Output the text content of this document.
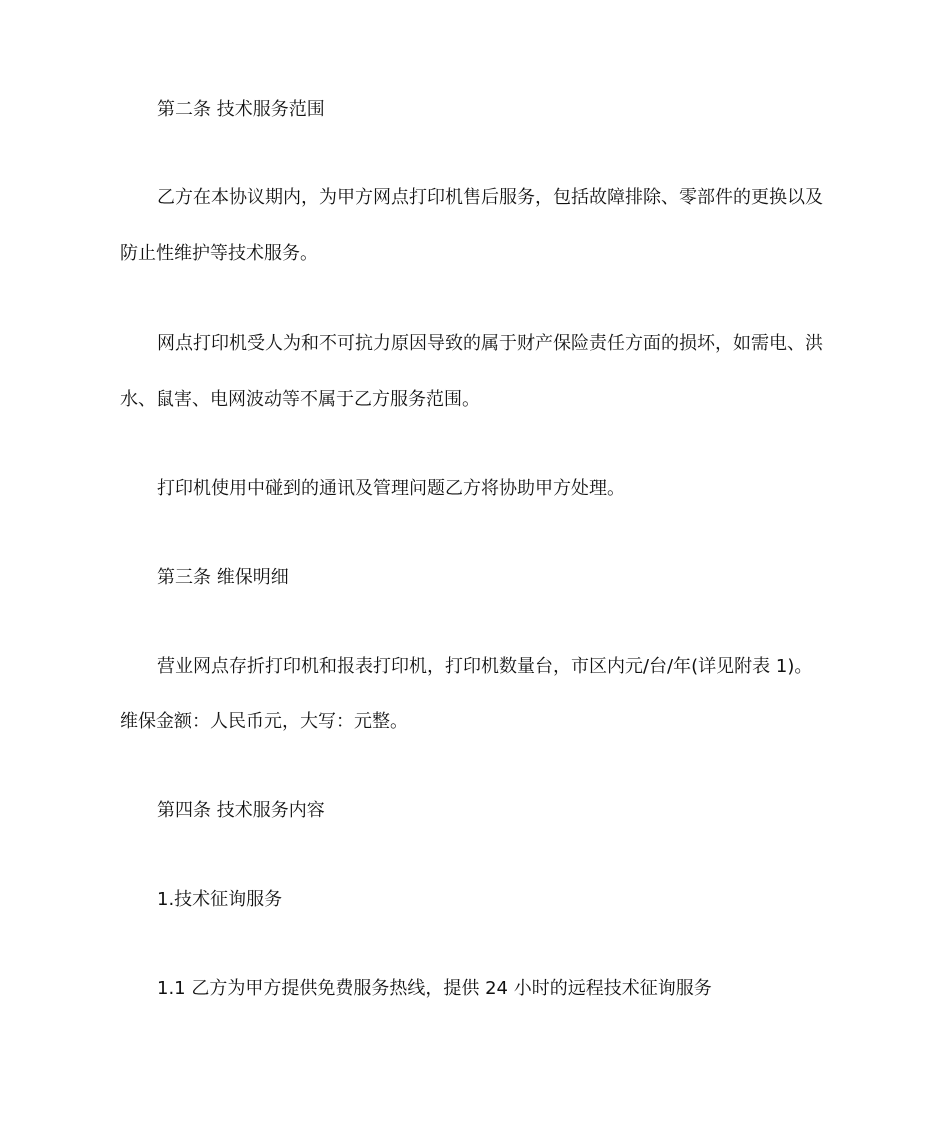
第二条 技术服务范围
乙方在本协议期内，为甲方网点打印机售后服务，包括故障排除、零部件的更换以及
防止性维护等技术服务。
网点打印机受人为和不可抗力原因导致的属于财产保险责任方面的损坏，如需电、洪
水、鼠害、电网波动等不属于乙方服务范围。
打印机使用中碰到的通讯及管理问题乙方将协助甲方处理。
第三条 维保明细
营业网点存折打印机和报表打印机，打印机数量台，市区内元/台/年(详见附表 1)。
维保金额：人民币元，大写：元整。
第四条 技术服务内容
1.技术征询服务
1.1 乙方为甲方提供免费服务热线，提供 24 小时的远程技术征询服务
